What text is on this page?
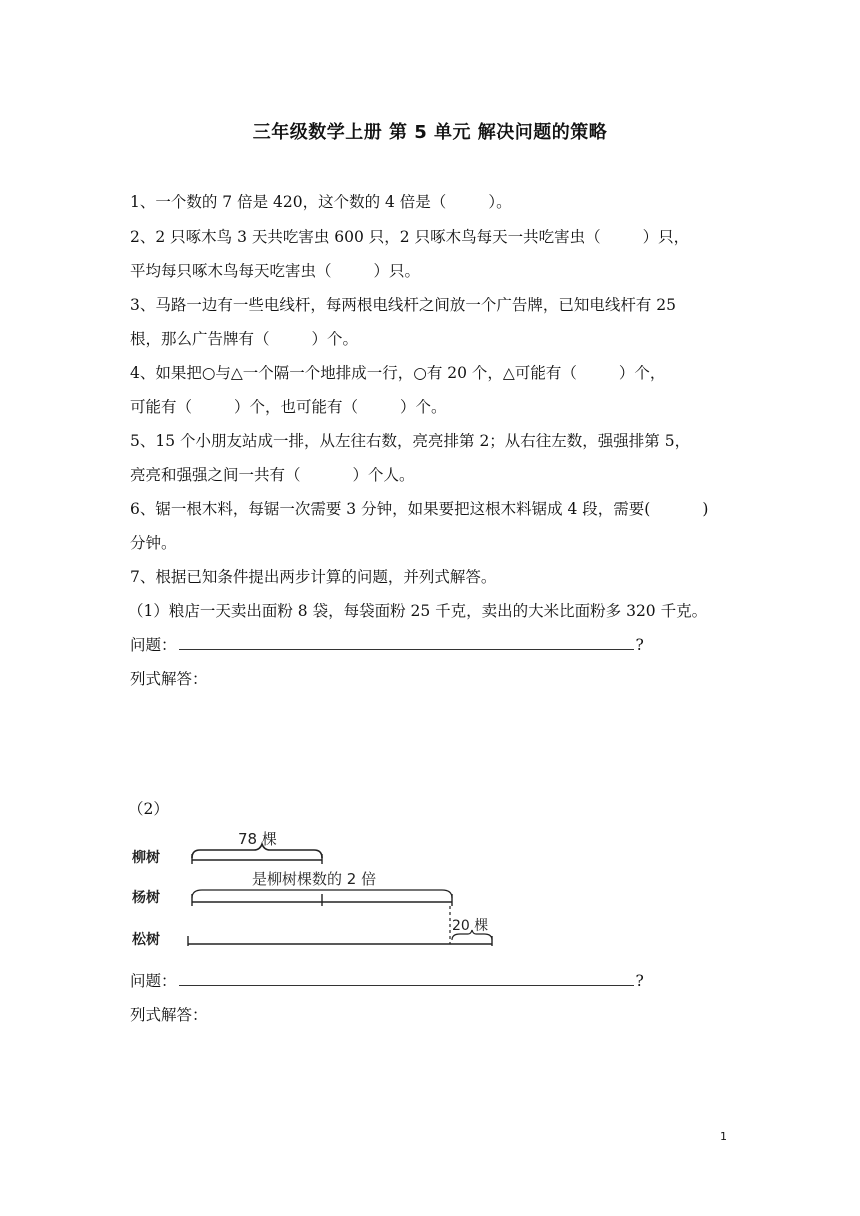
三年级数学上册 第 5 单元 解决问题的策略
1、一个数的 7 倍是 420，这个数的 4 倍是（	）。
2、2 只啄木鸟 3 天共吃害虫 600 只，2 只啄木鸟每天一共吃害虫（	）只，
平均每只啄木鸟每天吃害虫（	）只。
3、马路一边有一些电线杆，每两根电线杆之间放一个广告牌，已知电线杆有 25
根，那么广告牌有（	）个。
4、如果把○与△一个隔一个地排成一行，○有 20 个，△可能有（	）个，
可能有（	）个，也可能有（	）个。
5、15 个小朋友站成一排，从左往右数，亮亮排第 2；从右往左数，强强排第 5，
亮亮和强强之间一共有（	）个人。
6、锯一根木料，每锯一次需要 3 分钟，如果要把这根木料锯成 4 段，需要(	)
分钟。
7、根据已知条件提出两步计算的问题，并列式解答。
（1）粮店一天卖出面粉 8 袋，每袋面粉 25 千克，卖出的大米比面粉多 320 千克。
问题：	?
列式解答：
（2）
柳树
杨树
松树
78 棵
是柳树棵数的 2 倍
20 棵
问题：	?
列式解答：
1
